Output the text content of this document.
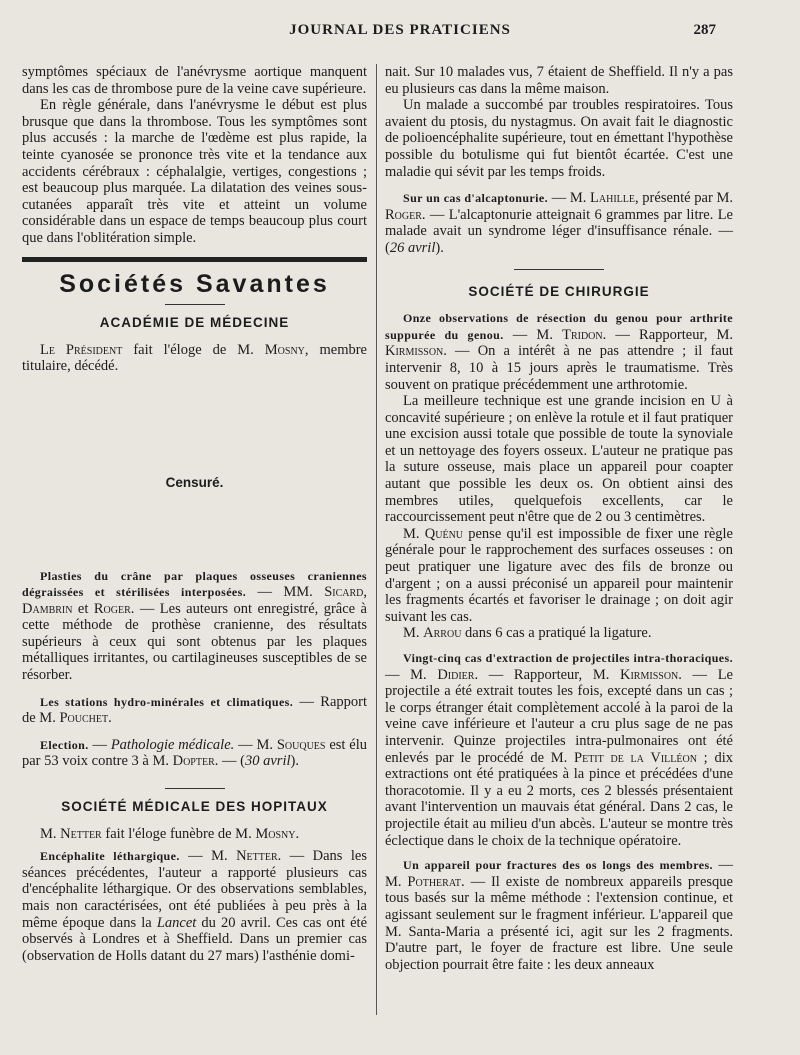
JOURNAL DES PRATICIENS	287

symptômes spéciaux de l'anévrysme aortique manquent dans les cas de thrombose pure de la veine cave supérieure.

En règle générale, dans l'anévrysme le début est plus brusque que dans la thrombose. Tous les symptômes sont plus accusés : la marche de l'œdème est plus rapide, la teinte cyanosée se prononce très vite et la tendance aux accidents cérébraux : céphalalgie, vertiges, congestions ; est beaucoup plus marquée. La dilatation des veines sous-cutanées apparaît très vite et atteint un volume considérable dans un espace de temps beaucoup plus court que dans l'oblitération simple.

Sociétés Savantes
ACADÉMIE DE MÉDECINE

Le Président fait l'éloge de M. Mosny, membre titulaire, décédé.

Censuré.

Plasties du crâne par plaques osseuses craniennes dégraissées et stérilisées interposées. — MM. Sicard, Dambrin et Roger. — Les auteurs ont enregistré, grâce à cette méthode de prothèse cranienne, des résultats supérieurs à ceux qui sont obtenus par les plaques métalliques irritantes, ou cartilagineuses susceptibles de se résorber.

Les stations hydro-minérales et climatiques. — Rapport de M. Pouchet.

Election. — Pathologie médicale. — M. Souques est élu par 53 voix contre 3 à M. Dopter. — (30 avril).

SOCIÉTÉ MÉDICALE DES HOPITAUX

M. Netter fait l'éloge funèbre de M. Mosny.

Encéphalite léthargique. — M. Netter. — Dans les séances précédentes, l'auteur a rapporté plusieurs cas d'encéphalite léthargique. Or des observations semblables, mais non caractérisées, ont été publiées à peu près à la même époque dans la Lancet du 20 avril. Ces cas ont été observés à Londres et à Sheffield. Dans un premier cas (observation de Holls datant du 27 mars) l'asthénie domi-

nait. Sur 10 malades vus, 7 étaient de Sheffield. Il n'y a pas eu plusieurs cas dans la même maison.

Un malade a succombé par troubles respiratoires. Tous avaient du ptosis, du nystagmus. On avait fait le diagnostic de polioencéphalite supérieure, tout en émettant l'hypothèse possible du botulisme qui fut bientôt écartée. C'est une maladie qui sévit par les temps froids.

Sur un cas d'alcaptonurie. — M. Lahille, présenté par M. Roger. — L'alcaptonurie atteignait 6 grammes par litre. Le malade avait un syndrome léger d'insuffisance rénale. — (26 avril).

SOCIÉTÉ DE CHIRURGIE

Onze observations de résection du genou pour arthrite suppurée du genou. — M. Tridon. — Rapporteur, M. Kirmisson. — On a intérêt à ne pas attendre ; il faut intervenir 8, 10 à 15 jours après le traumatisme. Très souvent on pratique précédemment une arthrotomie.

La meilleure technique est une grande incision en U à concavité supérieure ; on enlève la rotule et il faut pratiquer une excision aussi totale que possible de toute la synoviale et un nettoyage des foyers osseux. L'auteur ne pratique pas la suture osseuse, mais place un appareil pour coapter autant que possible les deux os. On obtient ainsi des membres utiles, quelquefois excellents, car le raccourcissement peut n'être que de 2 ou 3 centimètres.

M. Quénu pense qu'il est impossible de fixer une règle générale pour le rapprochement des surfaces osseuses : on peut pratiquer une ligature avec des fils de bronze ou d'argent ; on a aussi préconisé un appareil pour maintenir les fragments écartés et favoriser le drainage ; on doit agir suivant les cas.

M. Arrou dans 6 cas a pratiqué la ligature.

Vingt-cinq cas d'extraction de projectiles intra-thoraciques. — M. Didier. — Rapporteur, M. Kirmisson. — Le projectile a été extrait toutes les fois, excepté dans un cas ; le corps étranger était complètement accolé à la paroi de la veine cave inférieure et l'auteur a cru plus sage de ne pas intervenir. Quinze projectiles intra-pulmonaires ont été enlevés par le procédé de M. Petit de la Villéon ; dix extractions ont été pratiquées à la pince et précédées d'une thoracotomie. Il y a eu 2 morts, ces 2 blessés présentaient avant l'intervention un mauvais état général. Dans 2 cas, le projectile était au milieu d'un abcès. L'auteur se montre très éclectique dans le choix de la technique opératoire.

Un appareil pour fractures des os longs des membres. — M. Potherat. — Il existe de nombreux appareils presque tous basés sur la même méthode : l'extension continue, et agissant seulement sur le fragment inférieur. L'appareil que M. Santa-Maria a présenté ici, agit sur les 2 fragments. D'autre part, le foyer de fracture est libre. Une seule objection pourrait être faite : les deux anneaux
